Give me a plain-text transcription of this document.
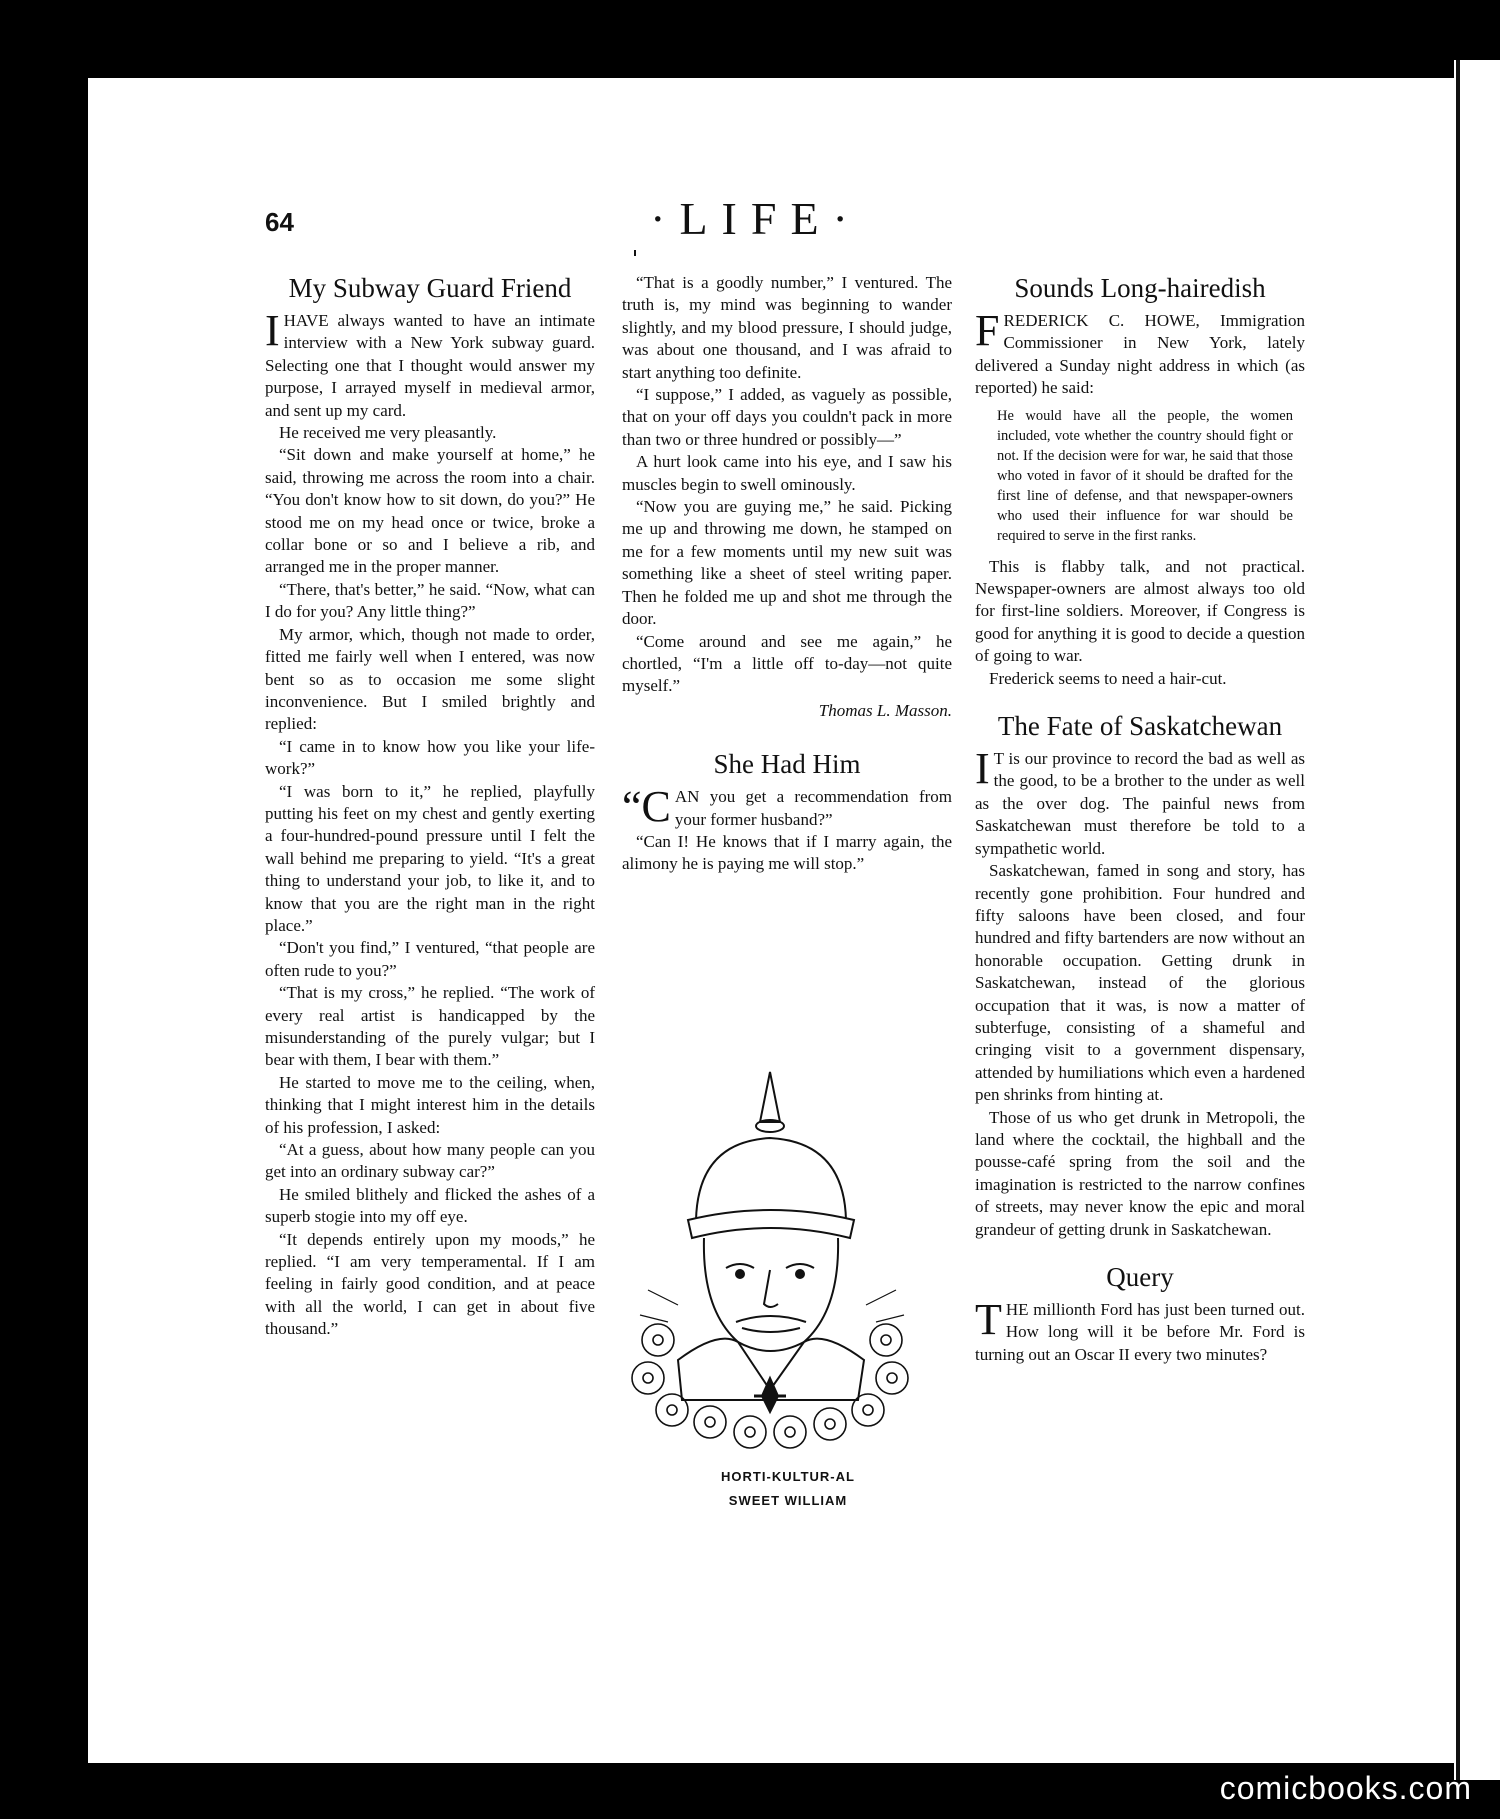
64	·LIFE·
My Subway Guard Friend

IHAVE always wanted to have an intimate interview with a New York subway guard. Selecting one that I thought would answer my purpose, I arrayed myself in medieval armor, and sent up my card.

He received me very pleasantly.

“Sit down and make yourself at home,” he said, throwing me across the room into a chair. “You don't know how to sit down, do you?” He stood me on my head once or twice, broke a collar bone or so and I believe a rib, and arranged me in the proper manner.

“There, that's better,” he said. “Now, what can I do for you? Any little thing?”

My armor, which, though not made to order, fitted me fairly well when I entered, was now bent so as to occasion me some slight inconvenience. But I smiled brightly and replied:

“I came in to know how you like your life-work?”

“I was born to it,” he replied, playfully putting his feet on my chest and gently exerting a four-hundred-pound pressure until I felt the wall behind me preparing to yield. “It's a great thing to understand your job, to like it, and to know that you are the right man in the right place.”

“Don't you find,” I ventured, “that people are often rude to you?”

“That is my cross,” he replied. “The work of every real artist is handicapped by the misunderstanding of the purely vulgar; but I bear with them, I bear with them.”

He started to move me to the ceiling, when, thinking that I might interest him in the details of his profession, I asked:

“At a guess, about how many people can you get into an ordinary subway car?”

He smiled blithely and flicked the ashes of a superb stogie into my off eye.

“It depends entirely upon my moods,” he replied. “I am very temperamental. If I am feeling in fairly good condition, and at peace with all the world, I can get in about five thousand.”

“That is a goodly number,” I ventured. The truth is, my mind was beginning to wander slightly, and my blood pressure, I should judge, was about one thousand, and I was afraid to start anything too definite.

“I suppose,” I added, as vaguely as possible, that on your off days you couldn't pack in more than two or three hundred or possibly—”

A hurt look came into his eye, and I saw his muscles begin to swell ominously.

“Now you are guying me,” he said. Picking me up and throwing me down, he stamped on me for a few moments until my new suit was something like a sheet of steel writing paper. Then he folded me up and shot me through the door.

“Come around and see me again,” he chortled, “I'm a little off to-day—not quite myself.”

Thomas L. Masson.
She Had Him

“CAN you get a recommendation from your former husband?”

“Can I! He knows that if I marry again, the alimony he is paying me will stop.”

HORTI-KULTUR-AL
SWEET WILLIAM
Sounds Long-hairedish

FREDERICK C. HOWE, Immigration Commissioner in New York, lately delivered a Sunday night address in which (as reported) he said:

He would have all the people, the women included, vote whether the country should fight or not. If the decision were for war, he said that those who voted in favor of it should be drafted for the first line of defense, and that newspaper-owners who used their influence for war should be required to serve in the first ranks.

This is flabby talk, and not practical. Newspaper-owners are almost always too old for first-line soldiers. Moreover, if Congress is good for anything it is good to decide a question of going to war.

Frederick seems to need a hair-cut.

The Fate of Saskatchewan

I T is our province to record the bad as well as the good, to be a brother to the under as well as the over dog. The painful news from Saskatchewan must therefore be told to a sympathetic world.

Saskatchewan, famed in song and story, has recently gone prohibition. Four hundred and fifty saloons have been closed, and four hundred and fifty bartenders are now without an honorable occupation. Getting drunk in Saskatchewan, instead of the glorious occupation that it was, is now a matter of subterfuge, consisting of a shameful and cringing visit to a government dispensary, attended by humiliations which even a hardened pen shrinks from hinting at.

Those of us who get drunk in Metropoli, the land where the cocktail, the highball and the pousse-café spring from the soil and the imagination is restricted to the narrow confines of streets, may never know the epic and moral grandeur of getting drunk in Saskatchewan.

Query

THE millionth Ford has just been turned out. How long will it be before Mr. Ford is turning out an Oscar II every two minutes?

comicbooks.com
